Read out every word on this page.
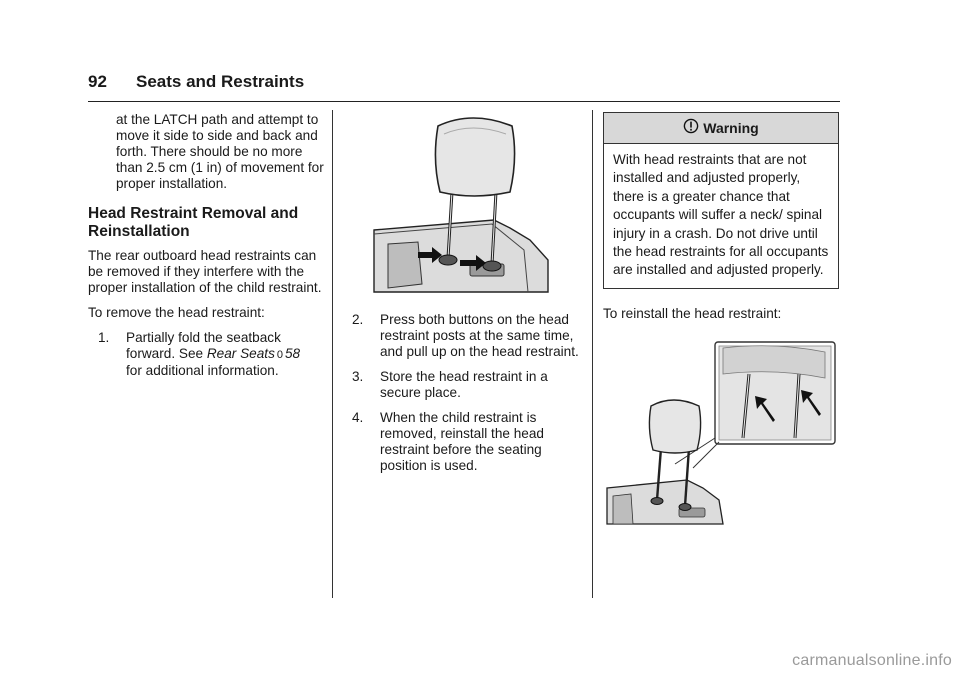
92 Seats and Restraints

at the LATCH path and attempt to move it side to side and back and forth. There should be no more than 2.5 cm (1 in) of movement for proper installation.

Head Restraint Removal and Reinstallation

The rear outboard head restraints can be removed if they interfere with the proper installation of the child restraint.

To remove the head restraint:

1. Partially fold the seatback forward. See Rear Seats 0 58
for additional information.
2. Press both buttons on the head restraint posts at the same time, and pull up on the head restraint.
3. Store the head restraint in a secure place.
4. When the child restraint is removed, reinstall the head restraint before the seating position is used.
Warning
With head restraints that are not installed and adjusted properly, there is a greater chance that occupants will suffer a neck/ spinal injury in a crash. Do not drive until the head restraints for all occupants are installed and adjusted properly.

To reinstall the head restraint:

carmanualsonline.info
